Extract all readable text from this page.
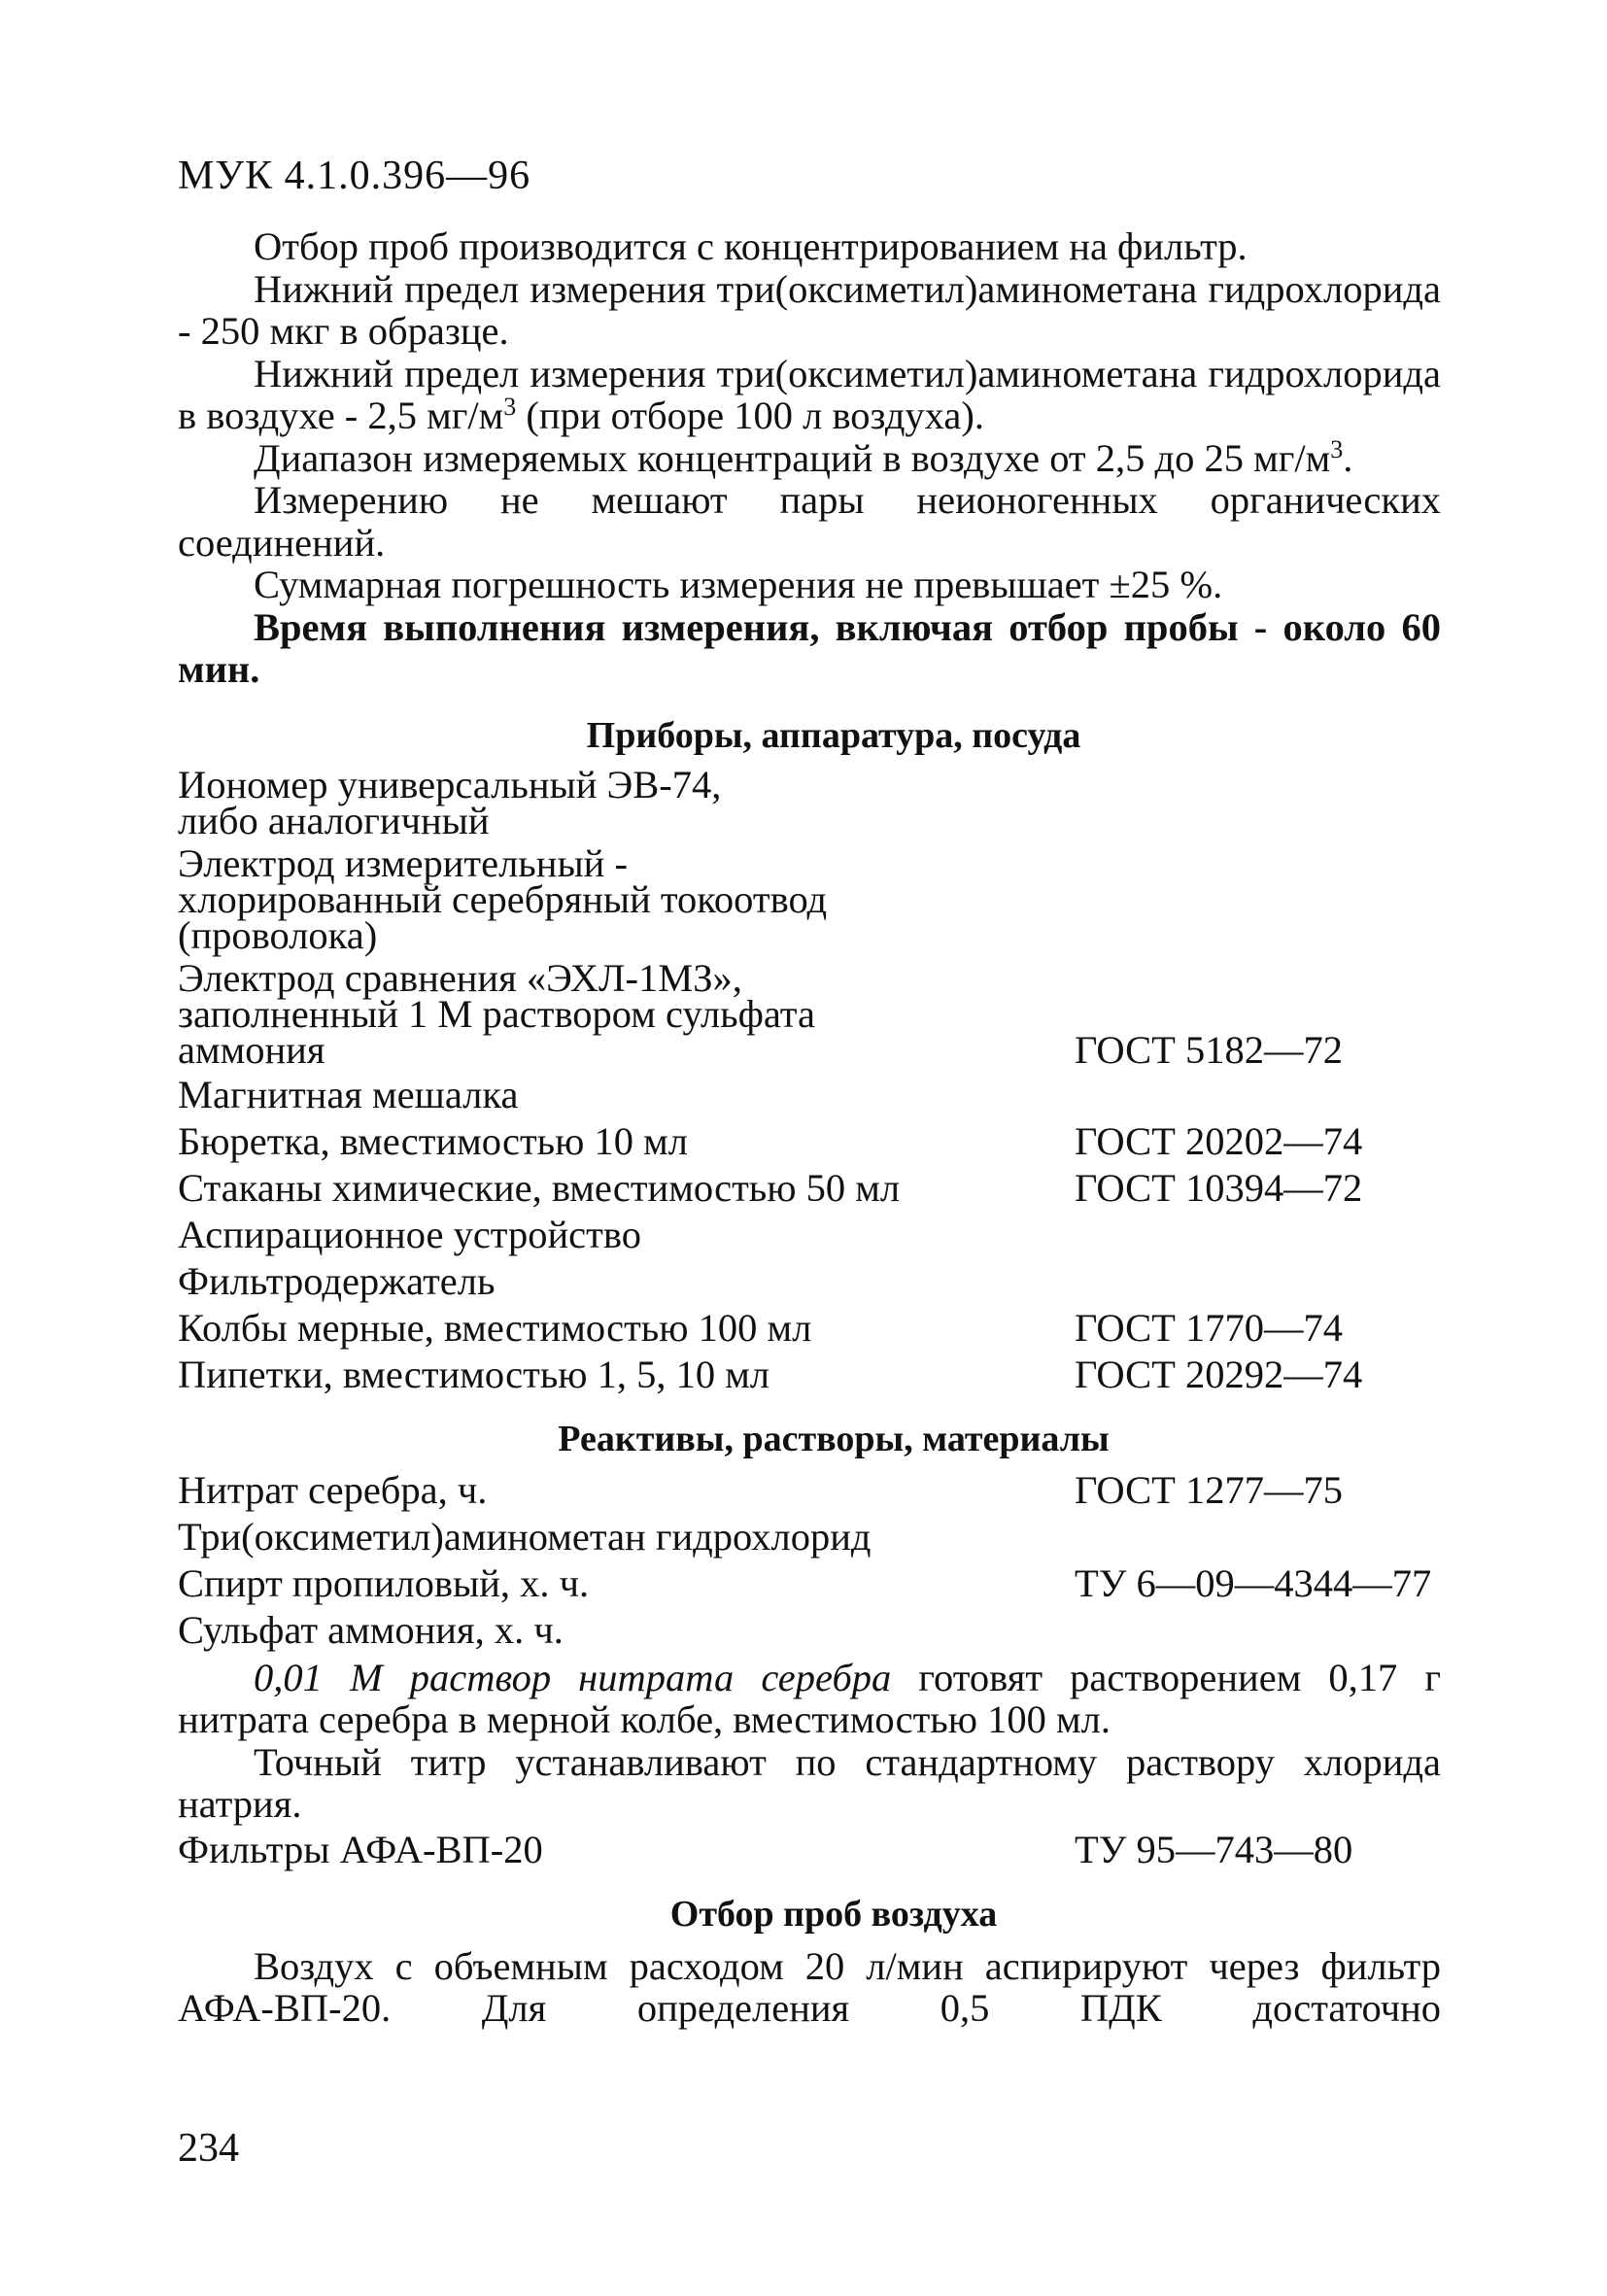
МУК 4.1.0.396—96

Отбор проб производится с концентрированием на фильтр.

Нижний предел измерения три(оксиметил)аминометана гидрохлорида - 250 мкг в образце.

Нижний предел измерения три(оксиметил)аминометана гидрохлорида в воздухе - 2,5 $мг/м^3$ (при отборе 100 л воздуха).

Диапазон измеряемых концентраций в воздухе от 2,5 до 25 $мг/м^3$.

Измерению не мешают пары неионогенных органических соединений.

Суммарная погрешность измерения не превышает ±25 %.

Время выполнения измерения, включая отбор пробы - около 60 мин.

Приборы, аппаратура, посуда
Иономер универсальный ЭВ-74, либо аналогичный
Электрод измерительный - хлорированный серебряный токоотвод (проволока)
Электрод сравнения «ЭХЛ-1МЗ», заполненный 1 М раствором сульфата аммония	ГОСТ 5182—72
Магнитная мешалка
Бюретка, вместимостью 10 мл	ГОСТ 20202—74
Стаканы химические, вместимостью 50 мл	ГОСТ 10394—72
Аспирационное устройство
Фильтродержатель
Колбы мерные, вместимостью 100 мл	ГОСТ 1770—74
Пипетки, вместимостью 1, 5, 10 мл	ГОСТ 20292—74
Реактивы, растворы, материалы
Нитрат серебра, ч.	ГОСТ 1277—75
Три(оксиметил)аминометан гидрохлорид
Спирт пропиловый, х. ч.	ТУ 6—09—4344—77
Сульфат аммония, х. ч.

0,01 М раствор нитрата серебра готовят растворением 0,17 г нитрата серебра в мерной колбе, вместимостью 100 мл.

Точный титр устанавливают по стандартному раствору хлорида натрия.

Фильтры АФА-ВП-20	ТУ 95—743—80
Отбор проб воздуха

Воздух с объемным расходом 20 л/мин аспирируют через фильтр АФА-ВП-20. Для определения 0,5 ПДК достаточно

234
